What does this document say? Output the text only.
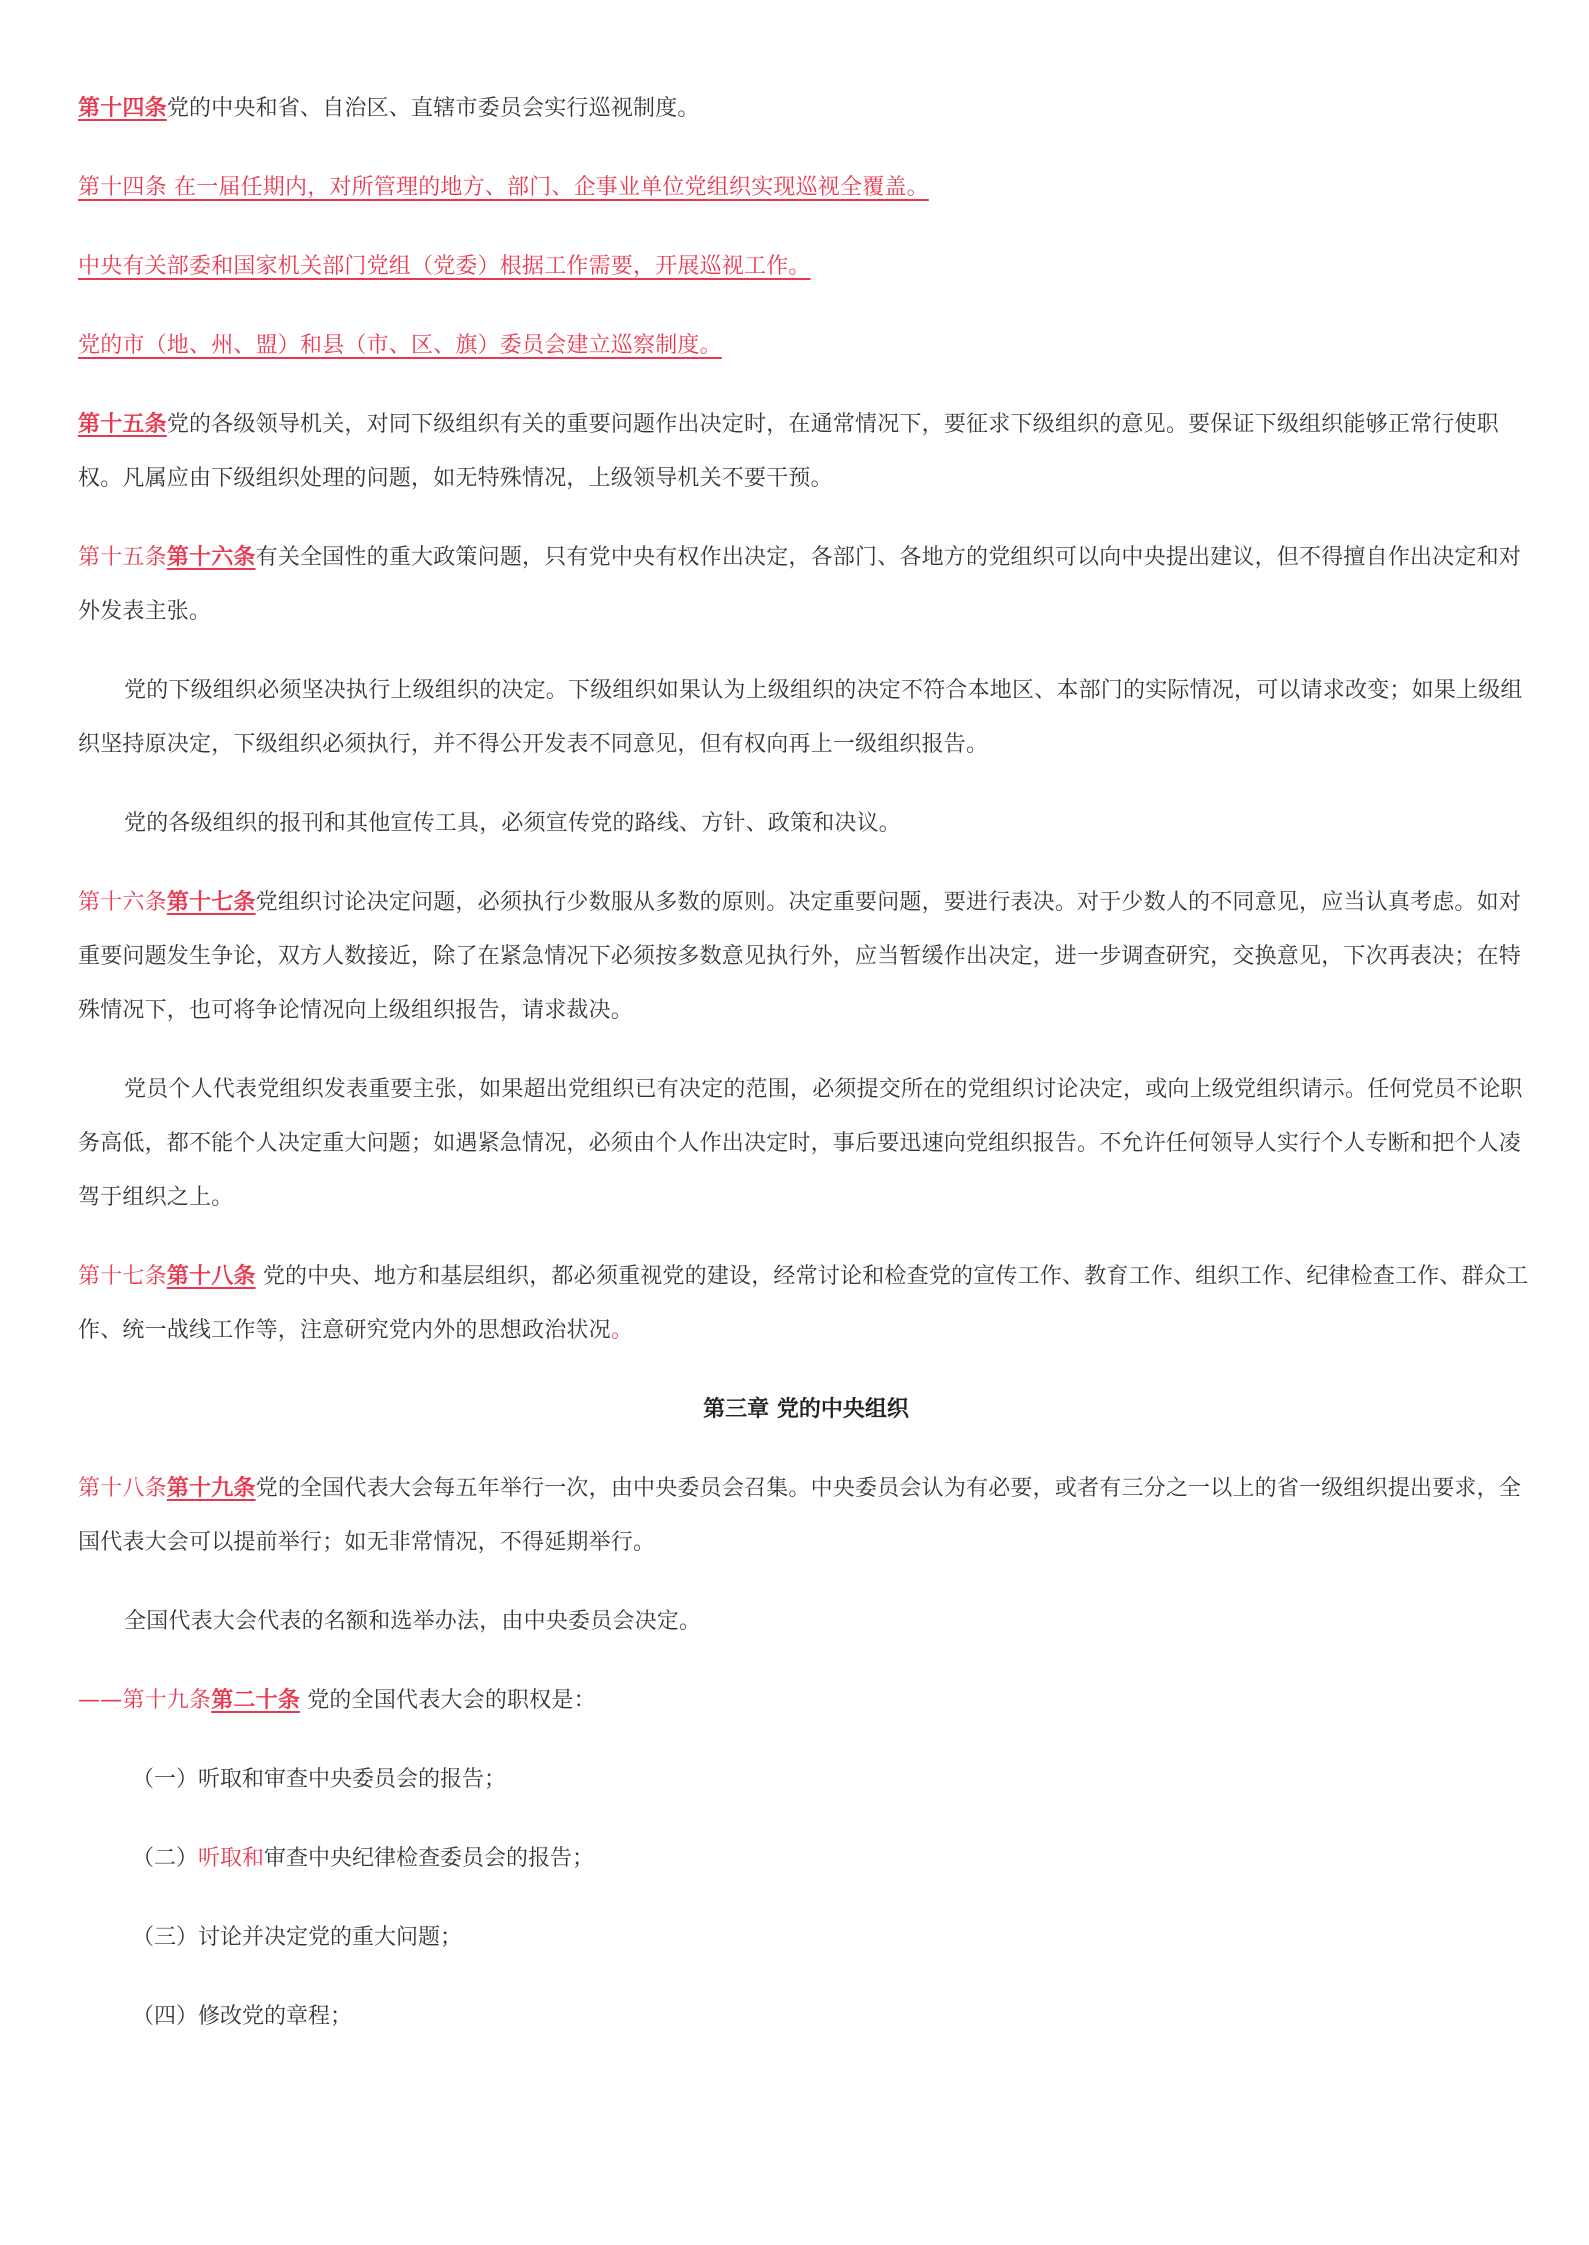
第十四条党的中央和省、自治区、直辖市委员会实行巡视制度。

第十四条 在一届任期内，对所管理的地方、部门、企事业单位党组织实现巡视全覆盖。

中央有关部委和国家机关部门党组（党委）根据工作需要，开展巡视工作。

党的市（地、州、盟）和县（市、区、旗）委员会建立巡察制度。

第十五条党的各级领导机关，对同下级组织有关的重要问题作出决定时，在通常情况下，要征求下级组织的意见。要保证下级组织能够正常行使职权。凡属应由下级组织处理的问题，如无特殊情况，上级领导机关不要干预。

第十五条第十六条有关全国性的重大政策问题，只有党中央有权作出决定，各部门、各地方的党组织可以向中央提出建议，但不得擅自作出决定和对外发表主张。

党的下级组织必须坚决执行上级组织的决定。下级组织如果认为上级组织的决定不符合本地区、本部门的实际情况，可以请求改变；如果上级组织坚持原决定，下级组织必须执行，并不得公开发表不同意见，但有权向再上一级组织报告。

党的各级组织的报刊和其他宣传工具，必须宣传党的路线、方针、政策和决议。

第十六条第十七条党组织讨论决定问题，必须执行少数服从多数的原则。决定重要问题，要进行表决。对于少数人的不同意见，应当认真考虑。如对重要问题发生争论，双方人数接近，除了在紧急情况下必须按多数意见执行外，应当暂缓作出决定，进一步调查研究，交换意见，下次再表决；在特殊情况下，也可将争论情况向上级组织报告，请求裁决。

党员个人代表党组织发表重要主张，如果超出党组织已有决定的范围，必须提交所在的党组织讨论决定，或向上级党组织请示。任何党员不论职务高低，都不能个人决定重大问题；如遇紧急情况，必须由个人作出决定时，事后要迅速向党组织报告。不允许任何领导人实行个人专断和把个人凌驾于组织之上。

第十七条第十八条 党的中央、地方和基层组织，都必须重视党的建设，经常讨论和检查党的宣传工作、教育工作、组织工作、纪律检查工作、群众工作、统一战线工作等，注意研究党内外的思想政治状况。

第三章 党的中央组织

第十八条第十九条党的全国代表大会每五年举行一次，由中央委员会召集。中央委员会认为有必要，或者有三分之一以上的省一级组织提出要求，全国代表大会可以提前举行；如无非常情况，不得延期举行。

全国代表大会代表的名额和选举办法，由中央委员会决定。

——第十九条第二十条 党的全国代表大会的职权是：

（一）听取和审查中央委员会的报告；

（二）听取和审查中央纪律检查委员会的报告；

（三）讨论并决定党的重大问题；

（四）修改党的章程；
